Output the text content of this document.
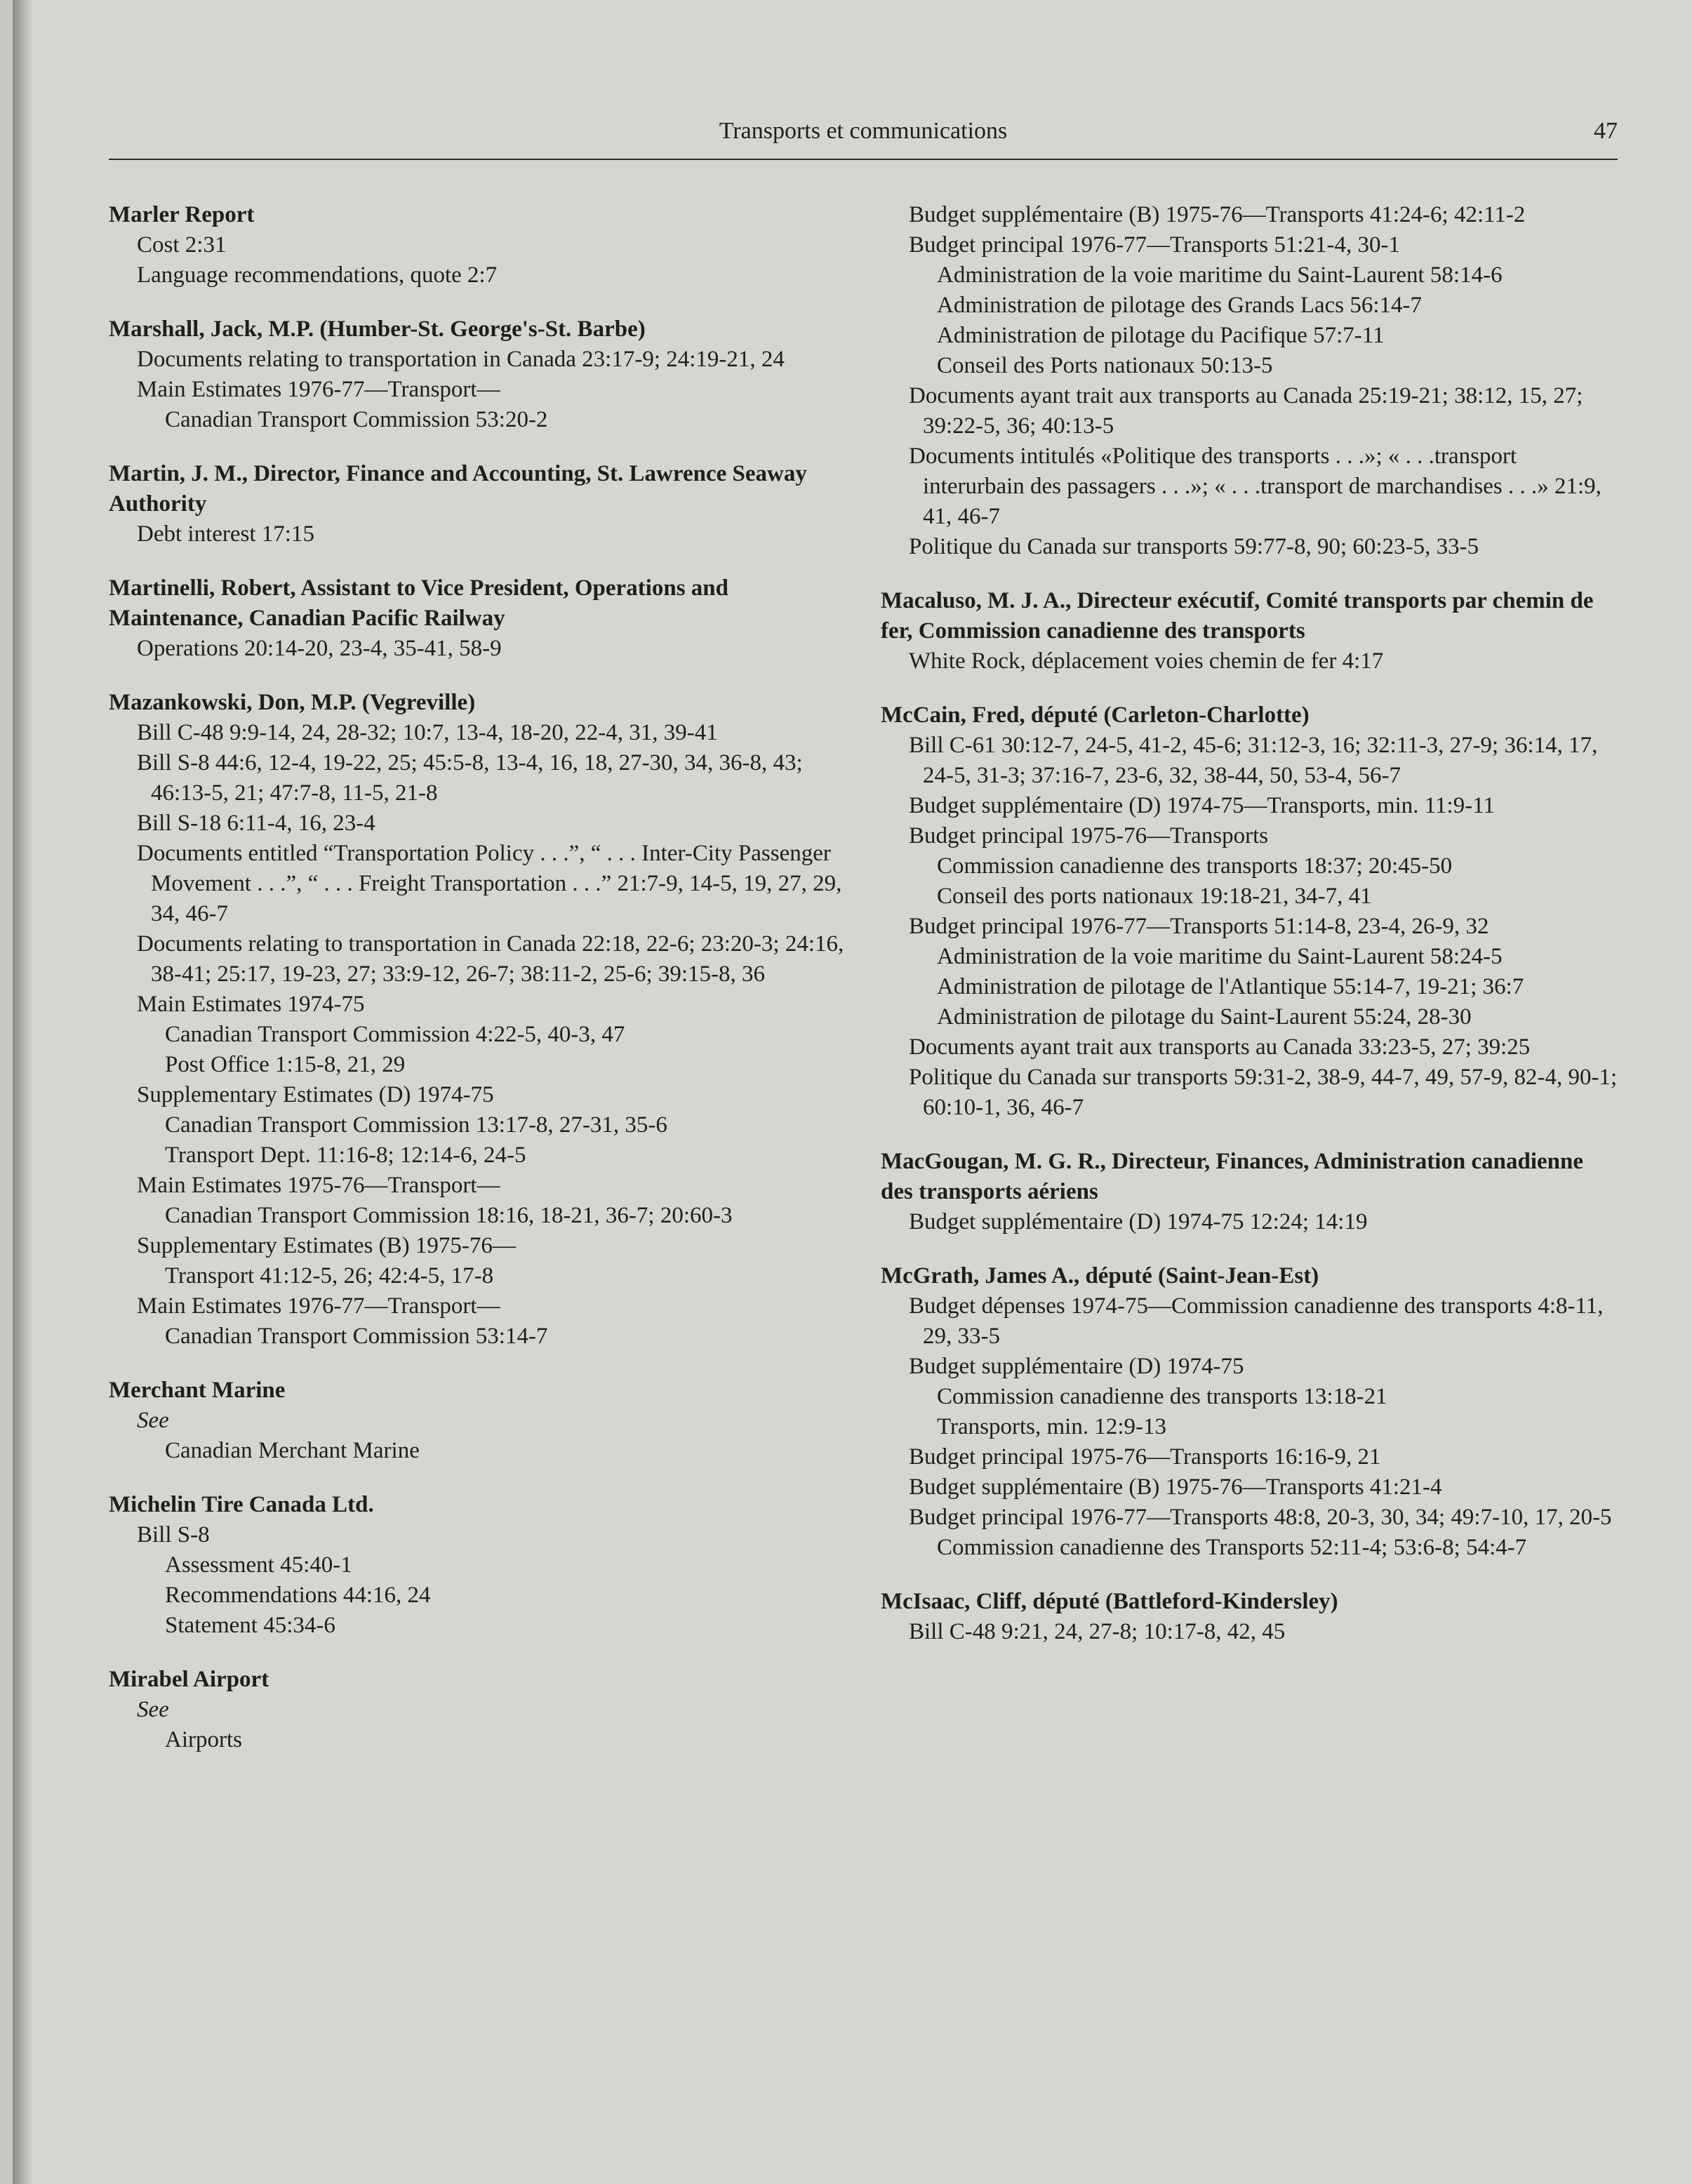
Transports et communications	47
Marler Report
Cost 2:31
Language recommendations, quote 2:7
Marshall, Jack, M.P. (Humber-St. George's-St. Barbe)
Documents relating to transportation in Canada 23:17-9; 24:19-21, 24
Main Estimates 1976-77—Transport—
Canadian Transport Commission 53:20-2
Martin, J. M., Director, Finance and Accounting, St. Lawrence Seaway Authority
Debt interest 17:15
Martinelli, Robert, Assistant to Vice President, Operations and Maintenance, Canadian Pacific Railway
Operations 20:14-20, 23-4, 35-41, 58-9
Mazankowski, Don, M.P. (Vegreville)
Bill C-48 9:9-14, 24, 28-32; 10:7, 13-4, 18-20, 22-4, 31, 39-41
Bill S-8 44:6, 12-4, 19-22, 25; 45:5-8, 13-4, 16, 18, 27-30, 34, 36-8, 43; 46:13-5, 21; 47:7-8, 11-5, 21-8
Bill S-18 6:11-4, 16, 23-4
Documents entitled “Transportation Policy . . .”, “ . . . Inter-City Passenger Movement . . .”, “ . . . Freight Transportation . . .” 21:7-9, 14-5, 19, 27, 29, 34, 46-7
Documents relating to transportation in Canada 22:18, 22-6; 23:20-3; 24:16, 38-41; 25:17, 19-23, 27; 33:9-12, 26-7; 38:11-2, 25-6; 39:15-8, 36
Main Estimates 1974-75
Canadian Transport Commission 4:22-5, 40-3, 47
Post Office 1:15-8, 21, 29
Supplementary Estimates (D) 1974-75
Canadian Transport Commission 13:17-8, 27-31, 35-6
Transport Dept. 11:16-8; 12:14-6, 24-5
Main Estimates 1975-76—Transport—
Canadian Transport Commission 18:16, 18-21, 36-7; 20:60-3
Supplementary Estimates (B) 1975-76—
Transport 41:12-5, 26; 42:4-5, 17-8
Main Estimates 1976-77—Transport—
Canadian Transport Commission 53:14-7
Merchant Marine
See
Canadian Merchant Marine
Michelin Tire Canada Ltd.
Bill S-8
Assessment 45:40-1
Recommendations 44:16, 24
Statement 45:34-6
Mirabel Airport
See
Airports
Budget supplémentaire (B) 1975-76—Transports 41:24-6; 42:11-2
Budget principal 1976-77—Transports 51:21-4, 30-1
Administration de la voie maritime du Saint-Laurent 58:14-6
Administration de pilotage des Grands Lacs 56:14-7
Administration de pilotage du Pacifique 57:7-11
Conseil des Ports nationaux 50:13-5
Documents ayant trait aux transports au Canada 25:19-21; 38:12, 15, 27; 39:22-5, 36; 40:13-5
Documents intitulés «Politique des transports . . .»; « . . .transport interurbain des passagers . . .»; « . . .transport de marchandises . . .» 21:9, 41, 46-7
Politique du Canada sur transports 59:77-8, 90; 60:23-5, 33-5
Macaluso, M. J. A., Directeur exécutif, Comité transports par chemin de fer, Commission canadienne des transports
White Rock, déplacement voies chemin de fer 4:17
McCain, Fred, député (Carleton-Charlotte)
Bill C-61 30:12-7, 24-5, 41-2, 45-6; 31:12-3, 16; 32:11-3, 27-9; 36:14, 17, 24-5, 31-3; 37:16-7, 23-6, 32, 38-44, 50, 53-4, 56-7
Budget supplémentaire (D) 1974-75—Transports, min. 11:9-11
Budget principal 1975-76—Transports
Commission canadienne des transports 18:37; 20:45-50
Conseil des ports nationaux 19:18-21, 34-7, 41
Budget principal 1976-77—Transports 51:14-8, 23-4, 26-9, 32
Administration de la voie maritime du Saint-Laurent 58:24-5
Administration de pilotage de l'Atlantique 55:14-7, 19-21; 36:7
Administration de pilotage du Saint-Laurent 55:24, 28-30
Documents ayant trait aux transports au Canada 33:23-5, 27; 39:25
Politique du Canada sur transports 59:31-2, 38-9, 44-7, 49, 57-9, 82-4, 90-1; 60:10-1, 36, 46-7
MacGougan, M. G. R., Directeur, Finances, Administration canadienne des transports aériens
Budget supplémentaire (D) 1974-75 12:24; 14:19
McGrath, James A., député (Saint-Jean-Est)
Budget dépenses 1974-75—Commission canadienne des transports 4:8-11, 29, 33-5
Budget supplémentaire (D) 1974-75
Commission canadienne des transports 13:18-21
Transports, min. 12:9-13
Budget principal 1975-76—Transports 16:16-9, 21
Budget supplémentaire (B) 1975-76—Transports 41:21-4
Budget principal 1976-77—Transports 48:8, 20-3, 30, 34; 49:7-10, 17, 20-5
Commission canadienne des Transports 52:11-4; 53:6-8; 54:4-7
McIsaac, Cliff, député (Battleford-Kindersley)
Bill C-48 9:21, 24, 27-8; 10:17-8, 42, 45
